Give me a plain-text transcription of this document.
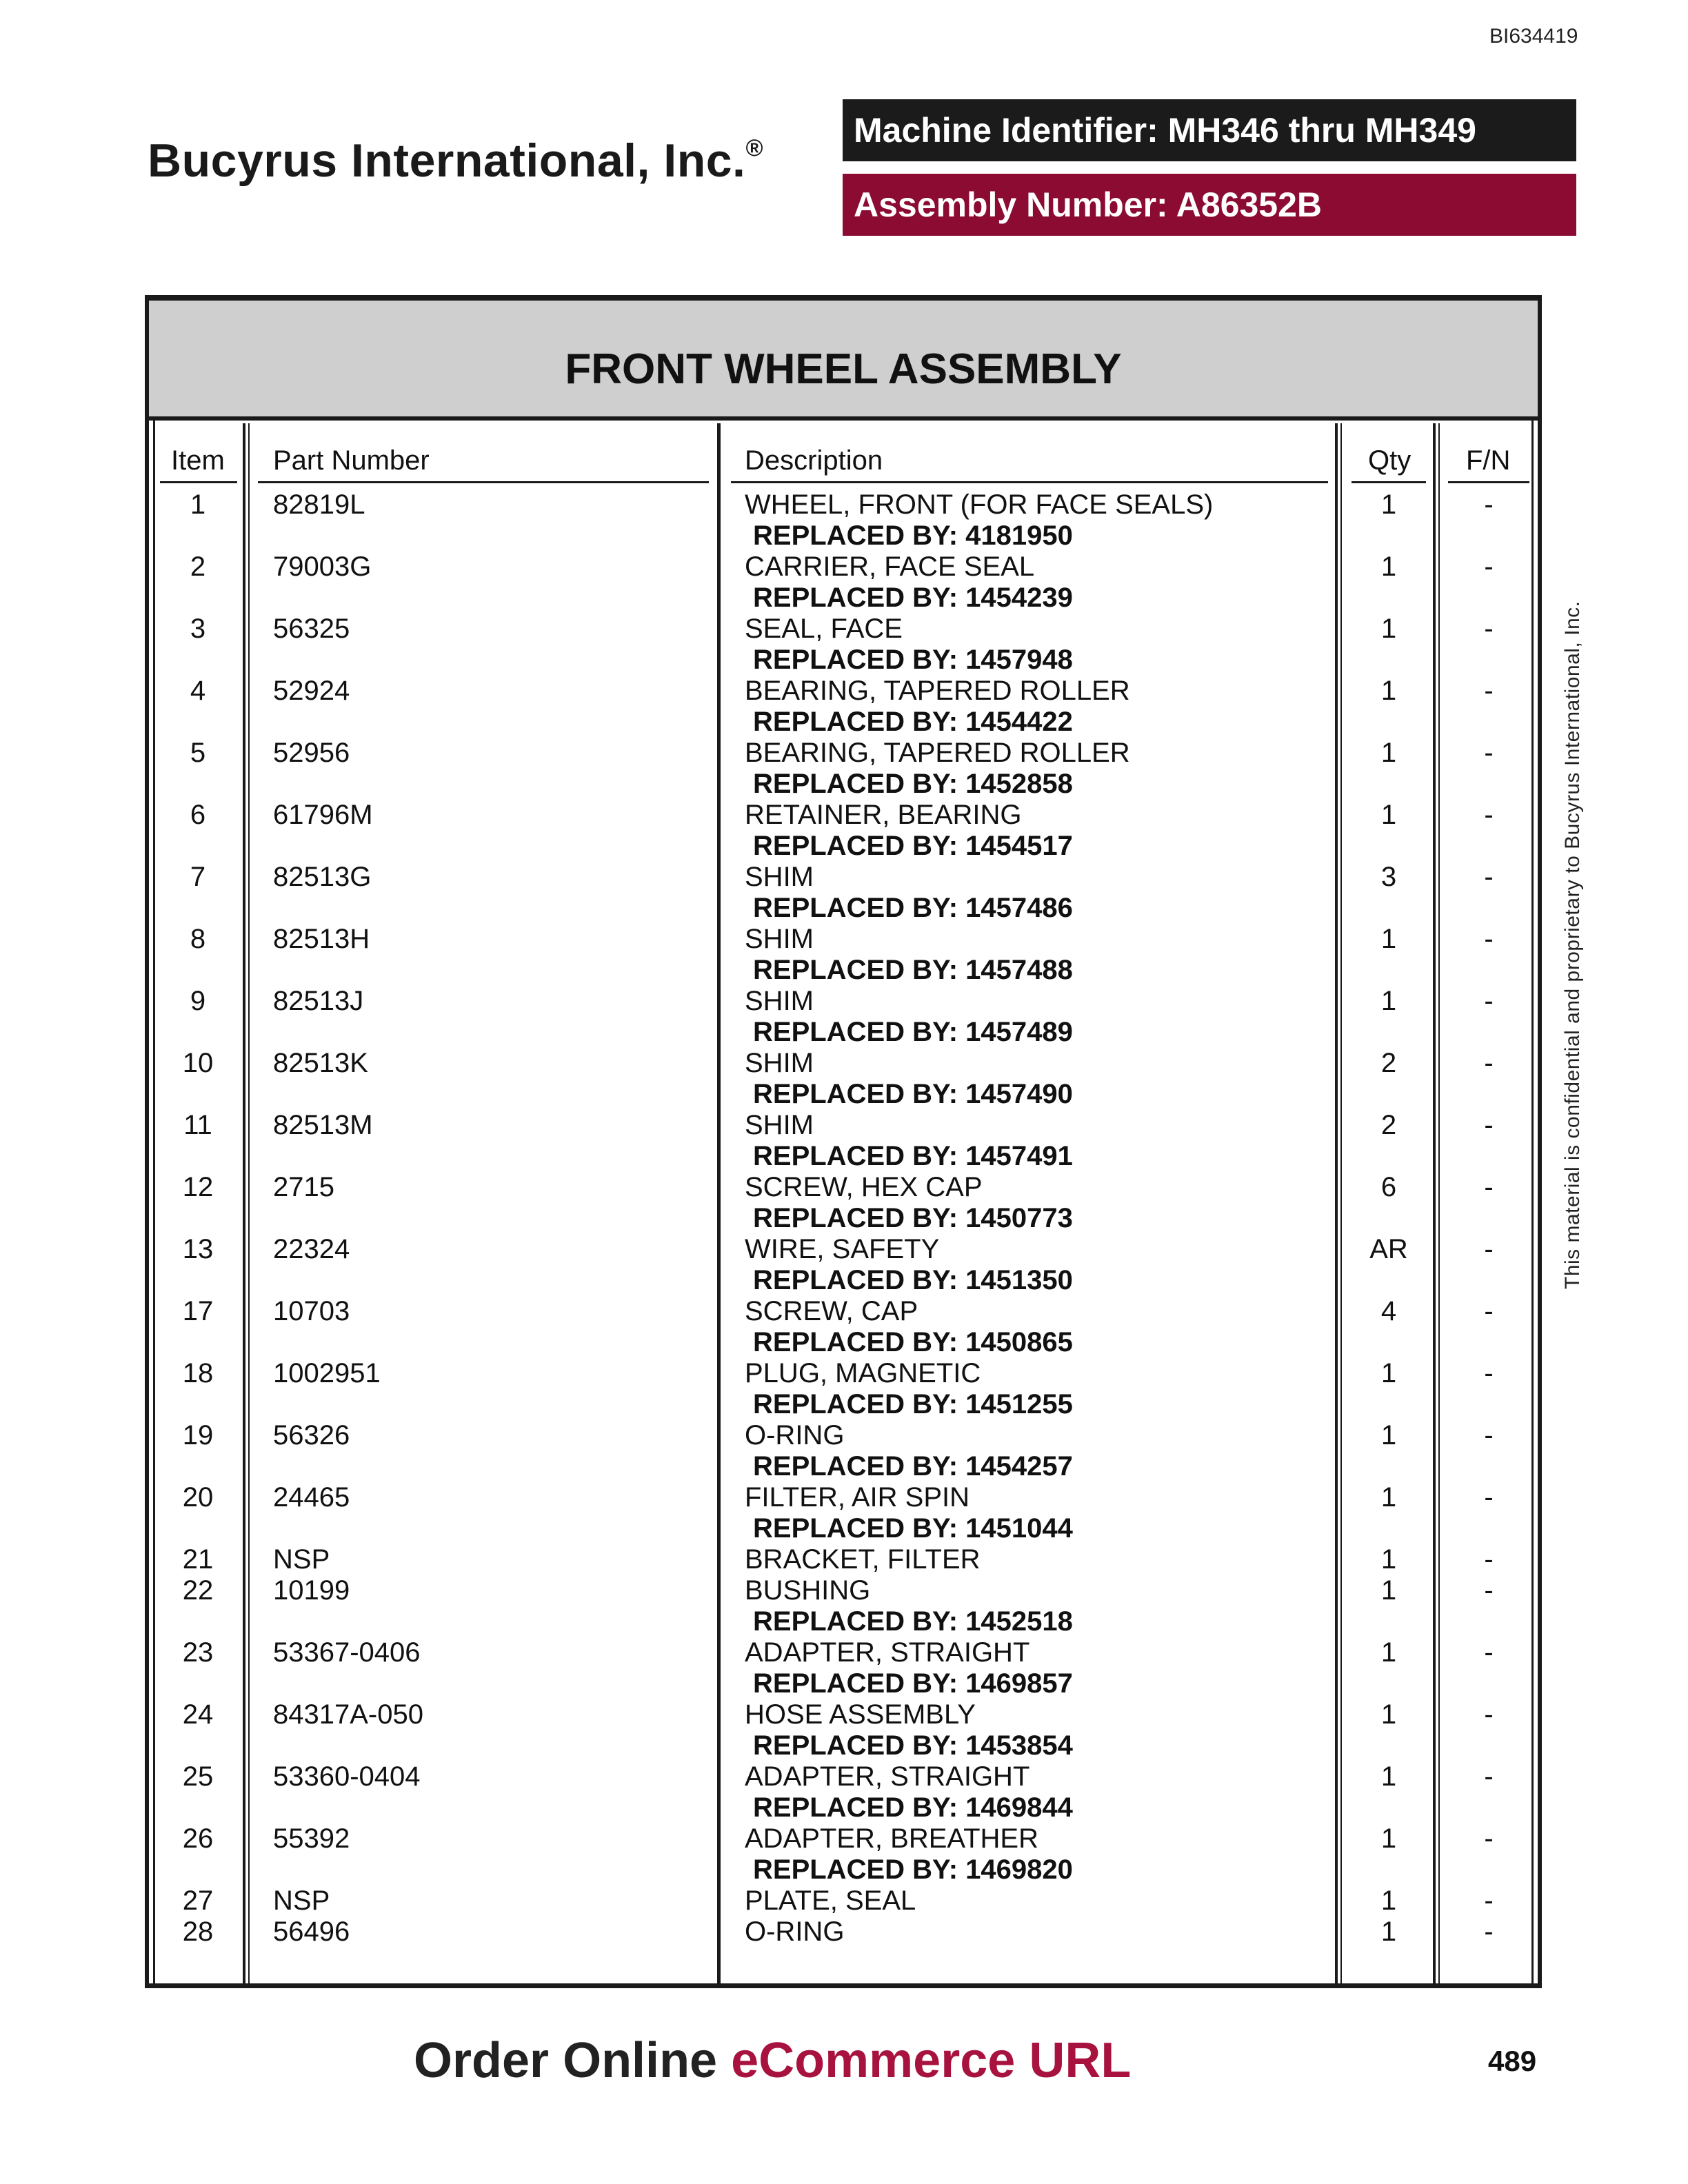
BI634419
Bucyrus International, Inc.®	Machine Identifier: MH346 thru MH349
Assembly Number: A86352B
FRONT WHEEL ASSEMBLY
Item Part Number	Description	Qty F/N
1	82819L	WHEEL, FRONT (FOR FACE SEALS)	1	-
REPLACED BY: 4181950
2	79003G	CARRIER, FACE SEAL	1	-
REPLACED BY: 1454239
3	56325	SEAL, FACE	1	-
REPLACED BY: 1457948
4	52924	BEARING, TAPERED ROLLER	1	-
REPLACED BY: 1454422
5	52956	BEARING, TAPERED ROLLER	1	-
REPLACED BY: 1452858
6	61796M	RETAINER, BEARING	1	-
REPLACED BY: 1454517
7	82513G	SHIM	3	-
REPLACED BY: 1457486
8	82513H	SHIM	1	-
REPLACED BY: 1457488
9	82513J	SHIM	1	-
REPLACED BY: 1457489
10	82513K	SHIM	2	-
REPLACED BY: 1457490
11	82513M	SHIM	2	-
REPLACED BY: 1457491
12	2715	SCREW, HEX CAP	6	-
REPLACED BY: 1450773
13	22324	WIRE, SAFETY	AR	-
REPLACED BY: 1451350
17	10703	SCREW, CAP	4	-
REPLACED BY: 1450865
18	1002951	PLUG, MAGNETIC	1	-
REPLACED BY: 1451255
19	56326	O-RING	1	-
REPLACED BY: 1454257
20	24465	FILTER, AIR SPIN	1	-
REPLACED BY: 1451044
21	NSP	BRACKET, FILTER	1	-
22	10199	BUSHING	1	-
REPLACED BY: 1452518
23	53367-0406	ADAPTER, STRAIGHT	1	-
REPLACED BY: 1469857
24	84317A-050	HOSE ASSEMBLY	1	-
REPLACED BY: 1453854
25	53360-0404	ADAPTER, STRAIGHT	1	-
REPLACED BY: 1469844
26	55392	ADAPTER, BREATHER	1	-
REPLACED BY: 1469820
27	NSP	PLATE, SEAL	1	-
28	56496	O-RING	1	-
This material is confidential and proprietary to Bucyrus International, Inc.
Order Online eCommerce URL	489
